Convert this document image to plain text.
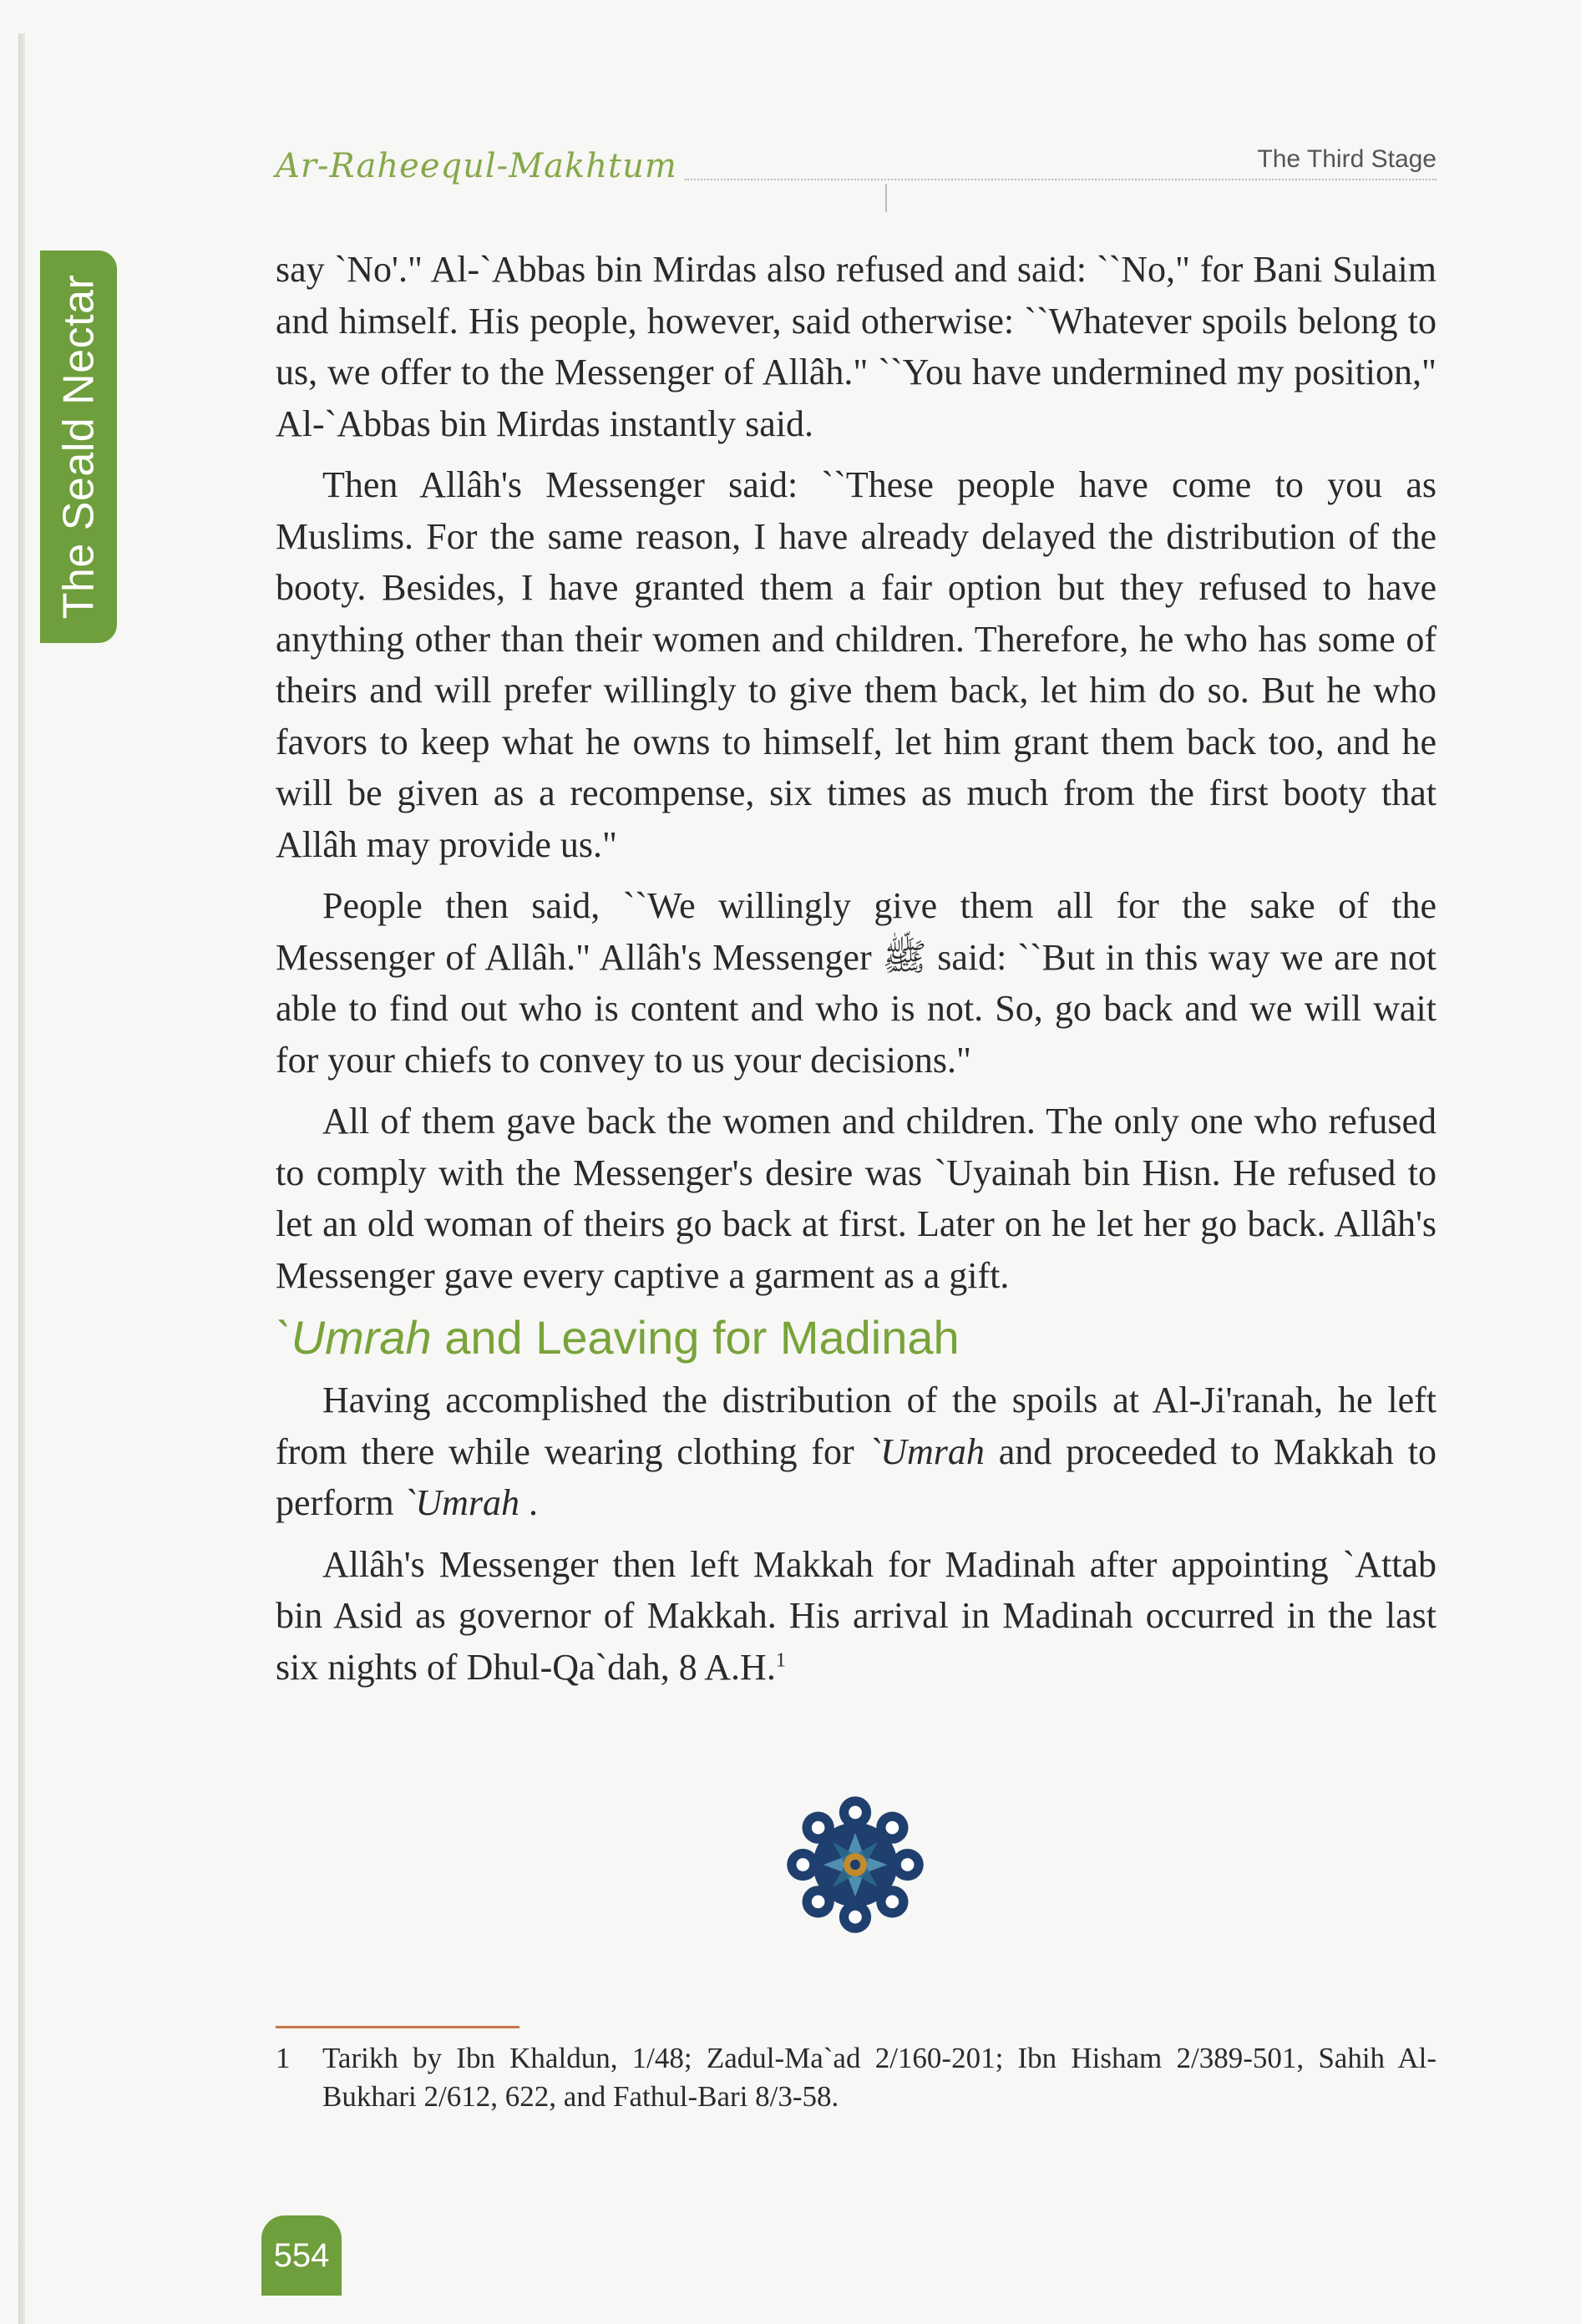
The Seald Nectar
Ar-Raheequl-Makhtum	The Third Stage

say `No'." Al-`Abbas bin Mirdas also refused and said: ``No," for Bani Sulaim and himself. His people, however, said otherwise: ``Whatever spoils belong to us, we offer to the Messenger of Allâh." ``You have undermined my position," Al-`Abbas bin Mirdas instantly said.

Then Allâh's Messenger said: ``These people have come to you as Muslims. For the same reason, I have already delayed the distribution of the booty. Besides, I have granted them a fair option but they refused to have anything other than their women and children. Therefore, he who has some of theirs and will prefer willingly to give them back, let him do so. But he who favors to keep what he owns to himself, let him grant them back too, and he will be given as a recompense, six times as much from the first booty that Allâh may provide us."

People then said, ``We willingly give them all for the sake of the Messenger of Allâh." Allâh's Messenger ﷺ said: ``But in this way we are not able to find out who is content and who is not. So, go back and we will wait for your chiefs to convey to us your decisions."

All of them gave back the women and children. The only one who refused to comply with the Messenger's desire was `Uyainah bin Hisn. He refused to let an old woman of theirs go back at first. Later on he let her go back. Allâh's Messenger gave every captive a garment as a gift.

`Umrah and Leaving for Madinah

Having accomplished the distribution of the spoils at Al-Ji'ranah, he left from there while wearing clothing for `Umrah and proceeded to Makkah to perform `Umrah .

Allâh's Messenger then left Makkah for Madinah after appointing `Attab bin Asid as governor of Makkah. His arrival in Madinah occurred in the last six nights of Dhul-Qa`dah, 8 A.H.$^1$

1	Tarikh by Ibn Khaldun, 1/48; Zadul-Ma`ad 2/160-201; Ibn Hisham 2/389-501, Sahih Al-Bukhari 2/612, 622, and Fathul-Bari 8/3-58.
554
